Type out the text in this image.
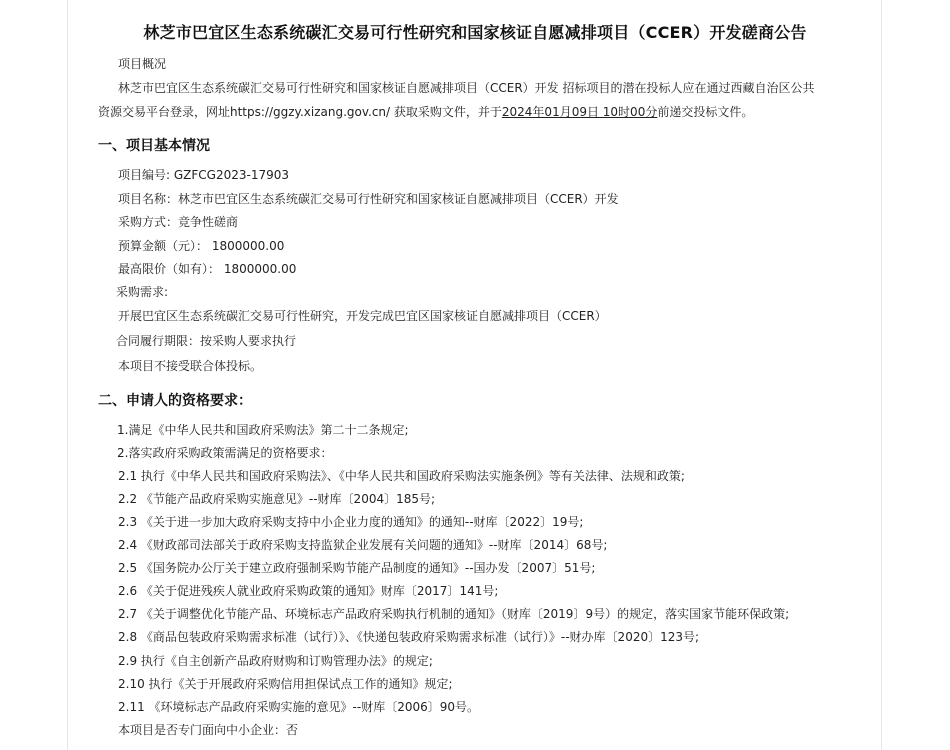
林芝市巴宜区生态系统碳汇交易可行性研究和国家核证自愿减排项目（CCER）开发磋商公告
项目概况
林芝市巴宜区生态系统碳汇交易可行性研究和国家核证自愿减排项目（CCER）开发 招标项目的潜在投标人应在通过西藏自治区公共
资源交易平台登录，网址https://ggzy.xizang.gov.cn/ 获取采购文件，并于2024年01月09日 10时00分前递交投标文件。
一、项目基本情况
项目编号: GZFCG2023-17903
项目名称：林芝市巴宜区生态系统碳汇交易可行性研究和国家核证自愿减排项目（CCER）开发
采购方式：竞争性磋商
预算金额（元）： 1800000.00
最高限价（如有）： 1800000.00
采购需求:
开展巴宜区生态系统碳汇交易可行性研究，开发完成巴宜区国家核证自愿减排项目（CCER）
合同履行期限：按采购人要求执行
本项目不接受联合体投标。
二、申请人的资格要求：
1.满足《中华人民共和国政府采购法》第二十二条规定;
2.落实政府采购政策需满足的资格要求：
2.1 执行《中华人民共和国政府采购法》、《中华人民共和国政府采购法实施条例》等有关法律、法规和政策;
2.2 《节能产品政府采购实施意见》--财库〔2004〕185号;
2.3 《关于进一步加大政府采购支持中小企业力度的通知》的通知--财库〔2022〕19号;
2.4 《财政部司法部关于政府采购支持监狱企业发展有关问题的通知》--财库〔2014〕68号;
2.5 《国务院办公厅关于建立政府强制采购节能产品制度的通知》--国办发〔2007〕51号;
2.6 《关于促进残疾人就业政府采购政策的通知》财库〔2017〕141号;
2.7 《关于调整优化节能产品、环境标志产品政府采购执行机制的通知》（财库〔2019〕9号）的规定，落实国家节能环保政策;
2.8 《商品包装政府采购需求标准（试行）》、《快递包装政府采购需求标准（试行）》--财办库〔2020〕123号;
2.9 执行《自主创新产品政府财购和订购管理办法》的规定;
2.10 执行《关于开展政府采购信用担保试点工作的通知》规定;
2.11 《环境标志产品政府采购实施的意见》--财库〔2006〕90号。
本项目是否专门面向中小企业：否
